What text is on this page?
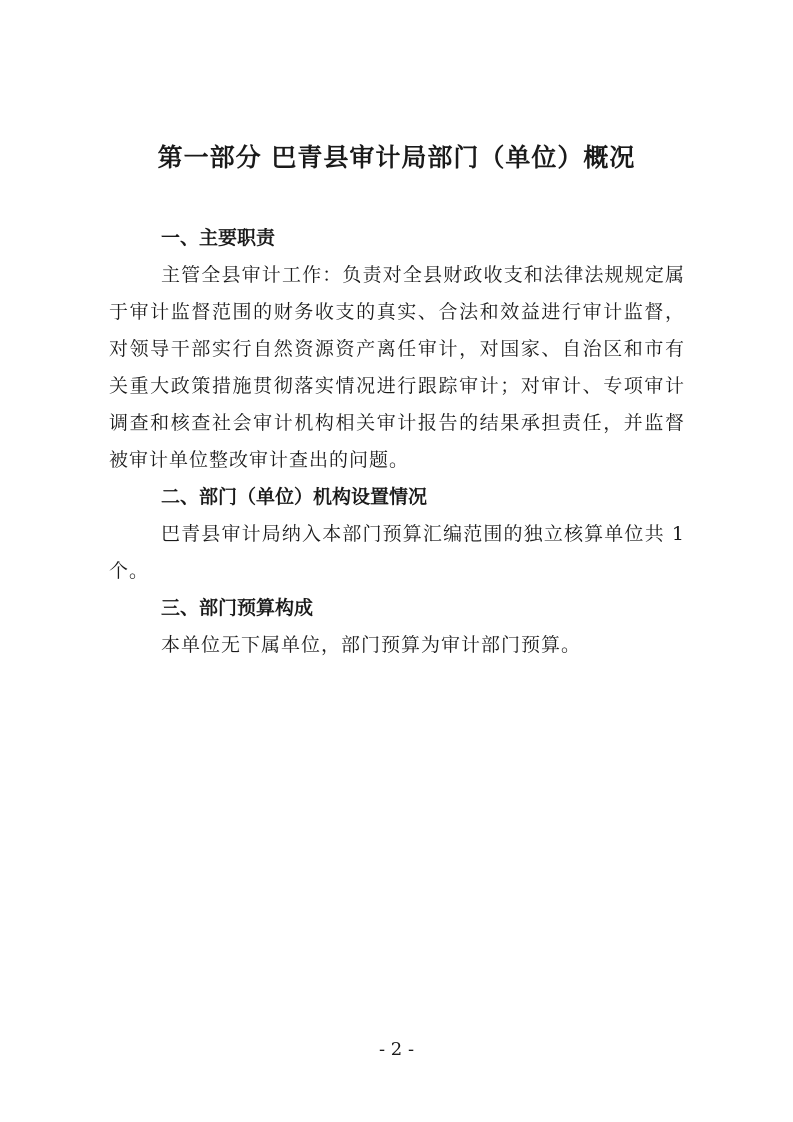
第一部分 巴青县审计局部门（单位）概况
一、主要职责

主管全县审计工作：负责对全县财政收支和法律法规规定属于审计监督范围的财务收支的真实、合法和效益进行审计监督，对领导干部实行自然资源资产离任审计，对国家、自治区和市有关重大政策措施贯彻落实情况进行跟踪审计；对审计、专项审计调查和核查社会审计机构相关审计报告的结果承担责任，并监督被审计单位整改审计查出的问题。

二、部门（单位）机构设置情况

巴青县审计局纳入本部门预算汇编范围的独立核算单位共 1 个。

三、部门预算构成

本单位无下属单位，部门预算为审计部门预算。

- 2 -
